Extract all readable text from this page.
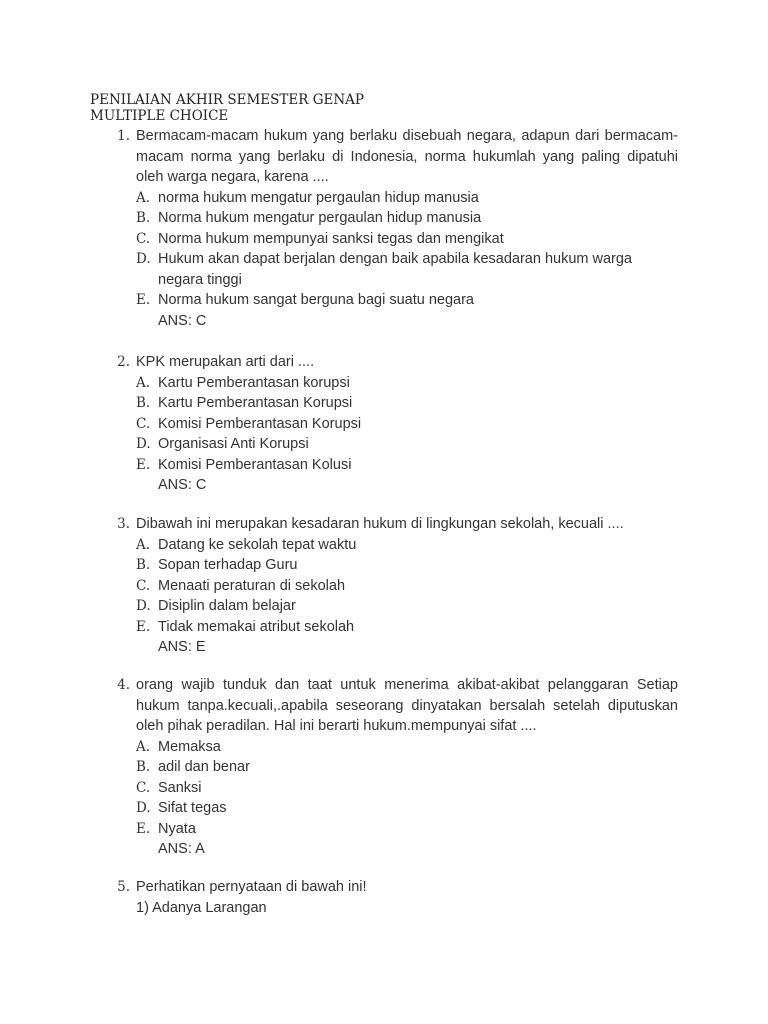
PENILAIAN AKHIR SEMESTER GENAP
MULTIPLE CHOICE
1. Bermacam-macam hukum yang berlaku disebuah negara, adapun dari bermacam-macam norma yang berlaku di Indonesia, norma hukumlah yang paling dipatuhi oleh warga negara, karena ....
A. norma hukum mengatur pergaulan hidup manusia
B. Norma hukum mengatur pergaulan hidup manusia
C. Norma hukum mempunyai sanksi tegas dan mengikat
D. Hukum akan dapat berjalan dengan baik apabila kesadaran hukum warga negara tinggi
E. Norma hukum sangat berguna bagi suatu negara
ANS: C
2. KPK merupakan arti dari ....
A. Kartu Pemberantasan korupsi
B. Kartu Pemberantasan Korupsi
C. Komisi Pemberantasan Korupsi
D. Organisasi Anti Korupsi
E. Komisi Pemberantasan Kolusi
ANS: C
3. Dibawah ini merupakan kesadaran hukum di lingkungan sekolah, kecuali ....
A. Datang ke sekolah tepat waktu
B. Sopan terhadap Guru
C. Menaati peraturan di sekolah
D. Disiplin dalam belajar
E. Tidak memakai atribut sekolah
ANS: E
4. orang wajib tunduk dan taat untuk menerima akibat-akibat pelanggaran Setiap hukum tanpa.kecuali,.apabila seseorang dinyatakan bersalah setelah diputuskan oleh pihak peradilan. Hal ini berarti hukum.mempunyai sifat ....
A. Memaksa
B. adil dan benar
C. Sanksi
D. Sifat tegas
E. Nyata
ANS: A
5. Perhatikan pernyataan di bawah ini!
1) Adanya Larangan
